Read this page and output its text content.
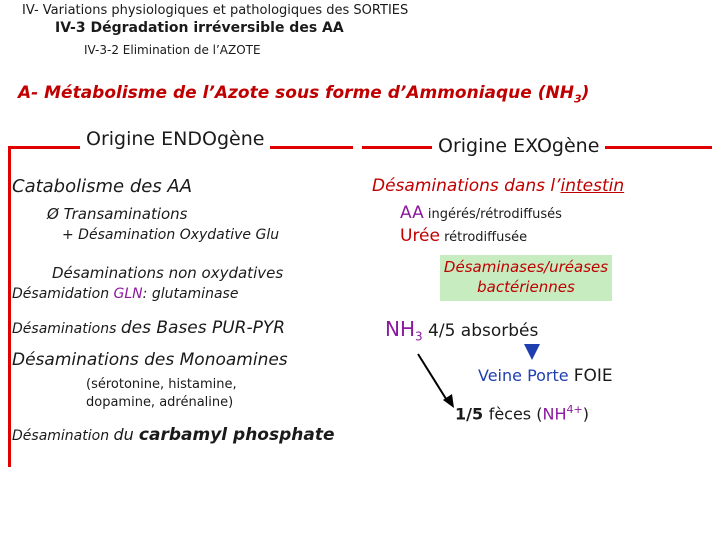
IV- Variations physiologiques et pathologiques des SORTIES
IV-3 Dégradation irréversible des AA
IV-3-2 Elimination de l’AZOTE
A- Métabolisme de l’Azote sous forme d’Ammoniaque $(NH_3)$
Origine ENDOgène	Origine EXOgène
Catabolisme des AA
Ø Transaminations
+ Désamination Oxydative Glu
Désaminations non oxydatives
Désamidation GLN: glutaminase
Désaminations des Bases PUR-PYR
Désaminations des Monoamines
(sérotonine, histamine,
dopamine, adrénaline)
Désamination du carbamyl phosphate
Désaminations dans l’intestin
AA ingérés/rétrodiffusés
Urée rétrodiffusée
Désaminases/uréases
bactériennes
$NH_3$ 4/5 absorbés
Veine Porte FOIE
1/5 fèces $(NH^{4+})$
